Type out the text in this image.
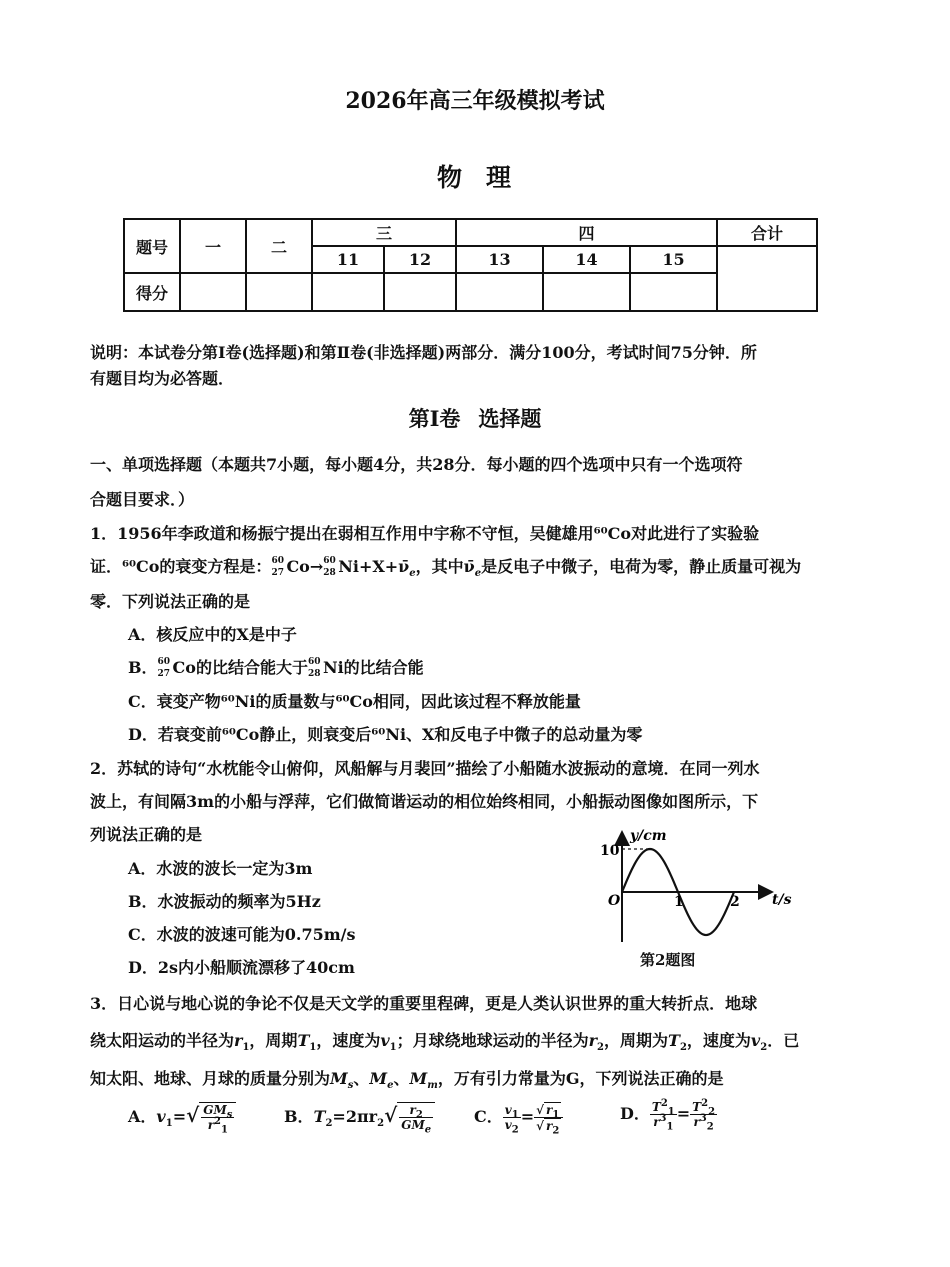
2026年高三年级模拟考试
物 理
题号	一	二	三		四			合计
			11	12	13	14	15	
得分								
说明：本试卷分第Ⅰ卷(选择题)和第Ⅱ卷(非选择题)两部分．满分100分，考试时间75分钟．所
有题目均为必答题．
第Ⅰ卷 选择题
一、单项选择题（本题共7小题，每小题4分，共28分．每小题的四个选项中只有一个选项符
合题目要求．）
1．1956年李政道和杨振宁提出在弱相互作用中宇称不守恒，吴健雄用⁶⁰Co对此进行了实验验
证．⁶⁰Co的衰变方程是： 60
27 Co→ 60
28 $Ni+X+\nū_e$，其中$\nū_e$是反电子中微子，电荷为零，静止质量可视为
零．下列说法正确的是
A．核反应中的X是中子
B． 60
27 Co的比结合能大于 60
28 Ni的比结合能
C．衰变产物⁶⁰Ni的质量数与⁶⁰Co相同，因此该过程不释放能量
D．若衰变前⁶⁰Co静止，则衰变后⁶⁰Ni、X和反电子中微子的总动量为零
2．苏轼的诗句“水枕能令山俯仰，风船解与月裴回”描绘了小船随水波振动的意境．在同一列水
波上，有间隔3m的小船与浮萍，它们做简谐运动的相位始终相同，小船振动图像如图所示，下
列说法正确的是
A．水波的波长一定为3m
B．水波振动的频率为5Hz
C．水波的波速可能为0.75m/s
D．2s内小船顺流漂移了40cm
y/cm
t/s
O
10
1	2
第2题图
3．日心说与地心说的争论不仅是天文学的重要里程碑，更是人类认识世界的重大转折点．地球
绕太阳运动的半径为$r_1$，周期$T_1$，速度为$v_1$；月球绕地球运动的半径为$r_2$，周期为$T_2$，速度为$v_2$．已
知太阳、地球、月球的质量分别为$M_s$、$M_e$、$M_m$，万有引力常量为G，下列说法正确的是
A．$v_1=√ \frac{GM_s}{r^2_1}$	B．$T_2=2\pi r_2√ \frac{r_2}{GM_e}$	C． $\frac{v_1}{v_2} = \frac{√ r_1}{√ r_2}$	D． $\frac{T^2_1}{r^3_1} = \frac{T^2_2}{r^3_2}$
